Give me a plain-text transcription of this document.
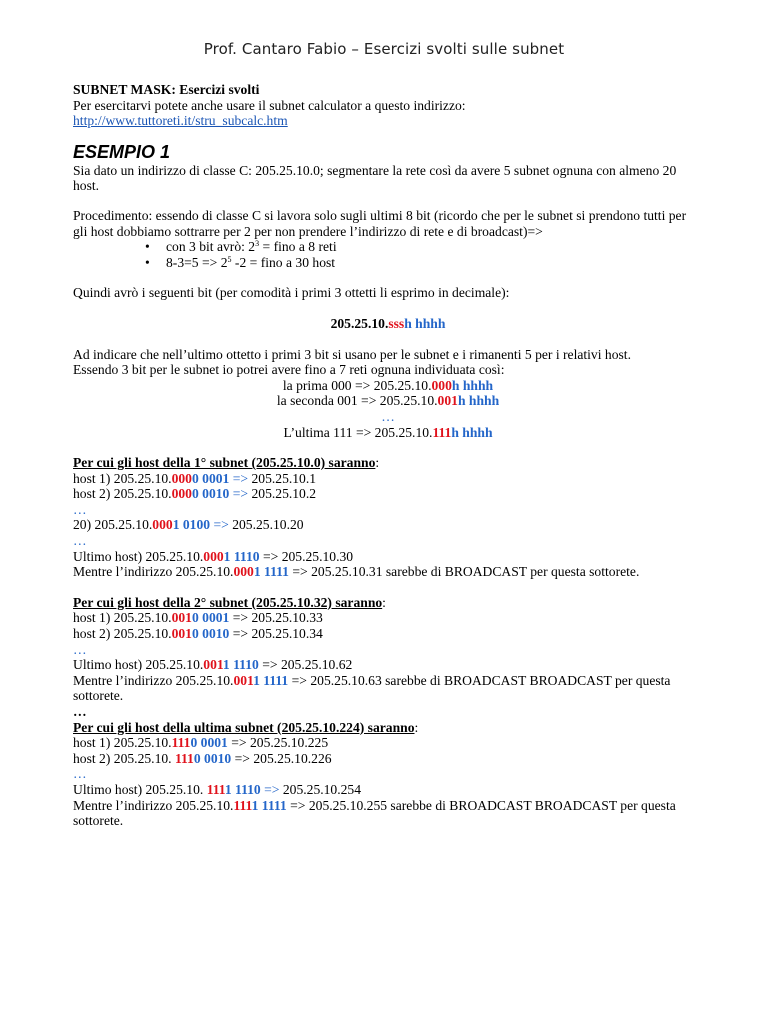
Prof. Cantaro Fabio – Esercizi svolti sulle subnet

SUBNET MASK: Esercizi svolti

Per esercitarvi potete anche usare il subnet calculator a questo indirizzo:

http://www.tuttoreti.it/stru_subcalc.htm

ESEMPIO 1

Sia dato un indirizzo di classe C: 205.25.10.0; segmentare la rete così da avere 5 subnet ognuna con almeno 20 host.

Procedimento: essendo di classe C si lavora solo sugli ultimi 8 bit (ricordo che per le subnet si prendono tutti per gli host dobbiamo sottrarre per 2 per non prendere l’indirizzo di rete e di broadcast)=>

• con 3 bit avrò: $2^3$ = fino a 8 reti
• $8-3=5 => 2^5$ -2 = fino a 30 host

Quindi avrò i seguenti bit (per comodità i primi 3 ottetti li esprimo in decimale):

205.25.10.sssh hhhh

Ad indicare che nell’ultimo ottetto i primi 3 bit si usano per le subnet e i rimanenti 5 per i relativi host.

Essendo 3 bit per le subnet io potrei avere fino a 7 reti ognuna individuata così:

la prima 000 => 205.25.10.000h hhhh

la seconda 001 => 205.25.10.001h hhhh

…

L’ultima 111 => 205.25.10.111h hhhh

Per cui gli host della 1° subnet (205.25.10.0) saranno:

host 1) 205.25.10.0000 0001 => 205.25.10.1

host 2) 205.25.10.0000 0010 => 205.25.10.2

…

20) 205.25.10.0001 0100 => 205.25.10.20

…

Ultimo host) 205.25.10.0001 1110 => 205.25.10.30

Mentre l’indirizzo 205.25.10.0001 1111 => 205.25.10.31 sarebbe di BROADCAST per questa sottorete.

Per cui gli host della 2° subnet (205.25.10.32) saranno:

host 1) 205.25.10.0010 0001 => 205.25.10.33

host 2) 205.25.10.0010 0010 => 205.25.10.34

…

Ultimo host) 205.25.10.0011 1110 => 205.25.10.62

Mentre l’indirizzo 205.25.10.0011 1111 => 205.25.10.63 sarebbe di BROADCAST BROADCAST per questa sottorete.

…

Per cui gli host della ultima subnet (205.25.10.224) saranno:

host 1) 205.25.10.1110 0001 => 205.25.10.225

host 2) 205.25.10. 1110 0010 => 205.25.10.226

…

Ultimo host) 205.25.10. 1111 1110 => 205.25.10.254

Mentre l’indirizzo 205.25.10.1111 1111 => 205.25.10.255 sarebbe di BROADCAST BROADCAST per questa sottorete.
